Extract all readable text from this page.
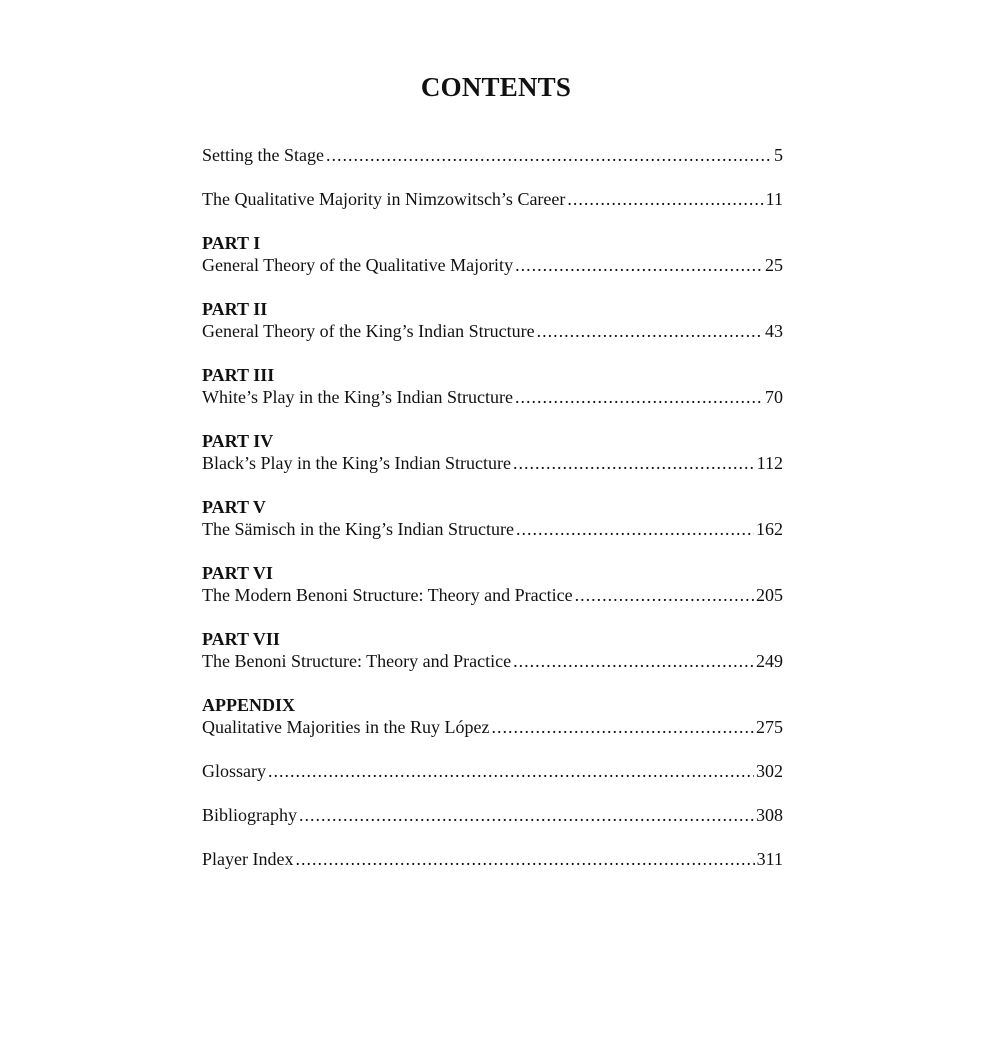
CONTENTS
Setting the Stage .....	5
The Qualitative Majority in Nimzowitsch’s Career .....	11
PART I
General Theory of the Qualitative Majority .....	25
PART II
General Theory of the King’s Indian Structure .....	43
PART III
White’s Play in the King’s Indian Structure .....	70
PART IV
Black’s Play in the King’s Indian Structure .....	112
PART V
The Sämisch in the King’s Indian Structure .....	162
PART VI
The Modern Benoni Structure: Theory and Practice .....	205
PART VII
The Benoni Structure: Theory and Practice .....	249
APPENDIX
Qualitative Majorities in the Ruy López .....	275
Glossary .....	302
Bibliography .....	308
Player Index .....	311
